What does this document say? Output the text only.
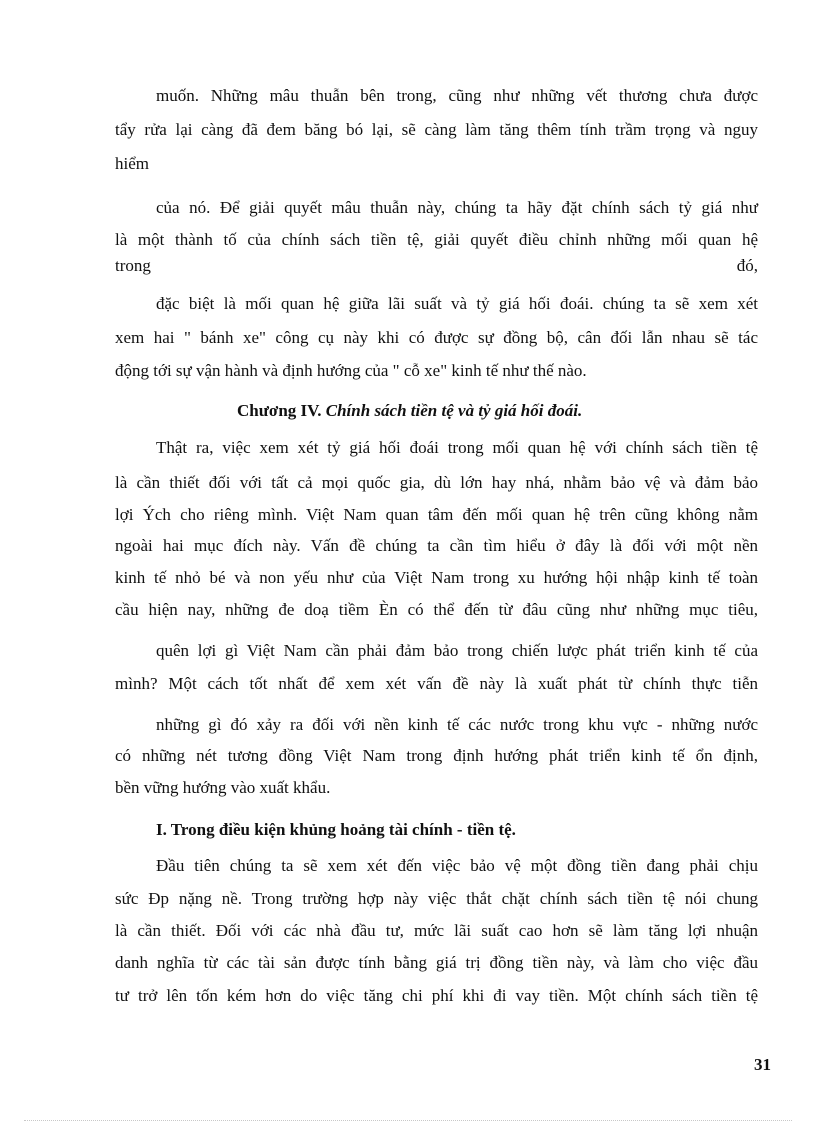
muốn. Những mâu thuẫn bên trong, cũng như những vết thương chưa được
tẩy rửa lại càng đã đem băng bó lại, sẽ càng làm tăng thêm tính trầm trọng và nguy
hiểm
của nó. Để giải quyết mâu thuẫn này, chúng ta hãy đặt chính sách tỷ giá như
là một thành tố của chính sách tiền tệ, giải quyết điều chỉnh những mối quan hệ
trong	đó,
đặc biệt là mối quan hệ giữa lãi suất và tỷ giá hối đoái. chúng ta sẽ xem xét
xem hai " bánh xe" công cụ này khi có được sự đồng bộ, cân đối lẫn nhau sẽ tác
động tới sự vận hành và định hướng của " cỗ xe" kinh tế như thế nào.
Chương IV. Chính sách tiền tệ và tỷ giá hối đoái.
Thật ra, việc xem xét tỷ giá hối đoái trong mối quan hệ với chính sách tiền tệ
là cần thiết đối với tất cả mọi quốc gia, dù lớn hay nhá, nhằm bảo vệ và đảm bảo
lợi Ých cho riêng mình. Việt Nam quan tâm đến mối quan hệ trên cũng không nằm
ngoài hai mục đích này. Vấn đề chúng ta cần tìm hiểu ở đây là đối với một nền
kinh tế nhỏ bé và non yếu như của Việt Nam trong xu hướng hội nhập kinh tế toàn
cầu hiện nay, những đe doạ tiềm Èn có thể đến từ đâu cũng như những mục tiêu,
quên lợi gì Việt Nam cần phải đảm bảo trong chiến lược phát triển kinh tế của
mình? Một cách tốt nhất để xem xét vấn đề này là xuất phát từ chính thực tiễn
những gì đó xảy ra đối với nền kinh tế các nước trong khu vực - những nước
có những nét tương đồng Việt Nam trong định hướng phát triển kinh tế ổn định,
bền vững hướng vào xuất khẩu.
I. Trong điều kiện khủng hoảng tài chính - tiền tệ.
Đầu tiên chúng ta sẽ xem xét đến việc bảo vệ một đồng tiền đang phải chịu
sức Ðp nặng nề. Trong trường hợp này việc thắt chặt chính sách tiền tệ nói chung
là cần thiết. Đối với các nhà đầu tư, mức lãi suất cao hơn sẽ làm tăng lợi nhuận
danh nghĩa từ các tài sản được tính bằng giá trị đồng tiền này, và làm cho việc đầu
tư trở lên tốn kém hơn do việc tăng chi phí khi đi vay tiền. Một chính sách tiền tệ
31
